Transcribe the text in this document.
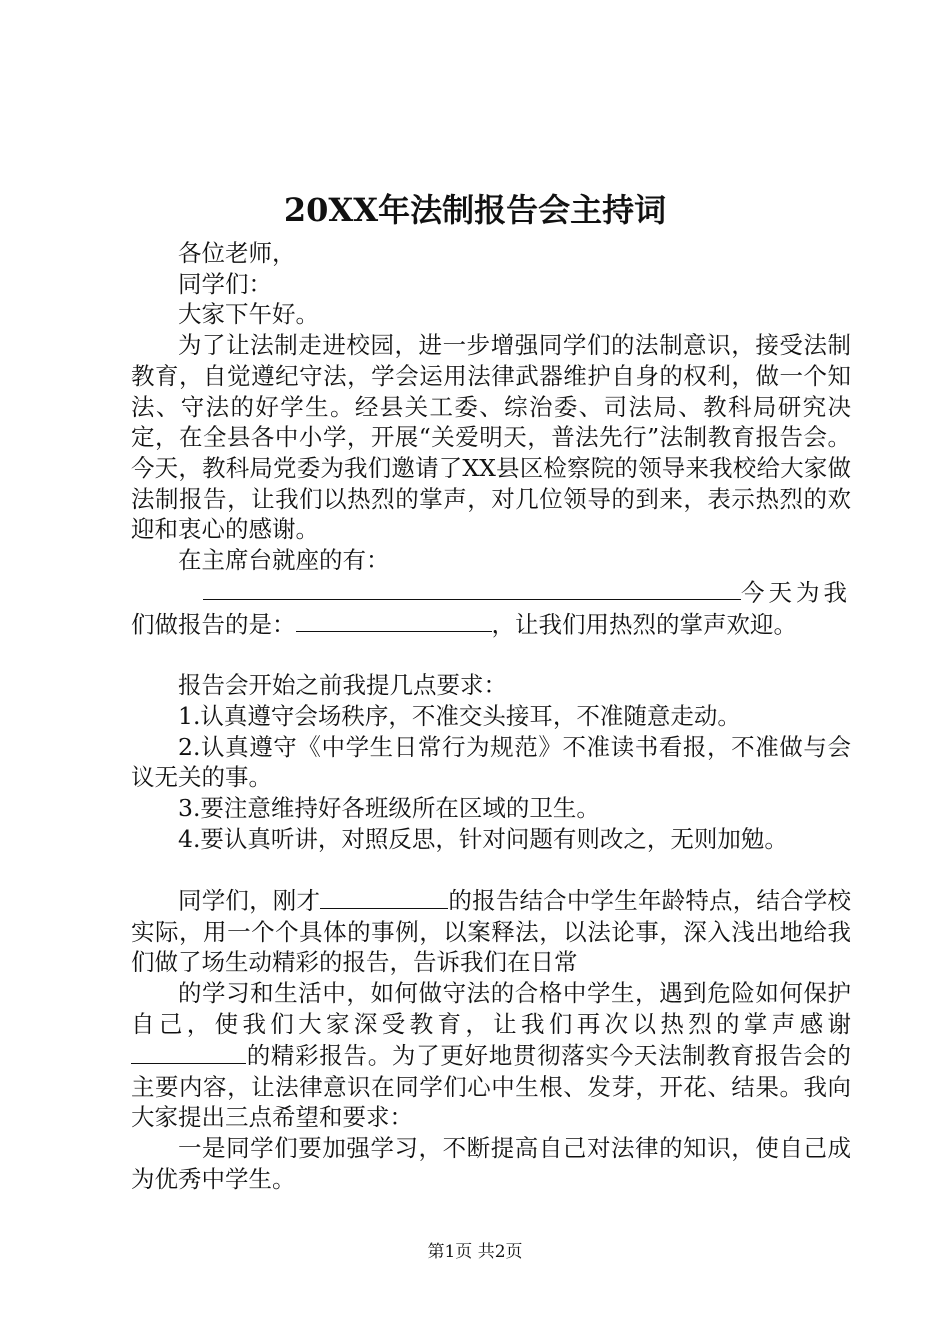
20XX年法制报告会主持词

各位老师，

同学们：

大家下午好。

为了让法制走进校园，进一步增强同学们的法制意识，接受法制教育，自觉遵纪守法，学会运用法律武器维护自身的权利，做一个知法、守法的好学生。经县关工委、综治委、司法局、教科局研究决定，在全县各中小学，开展“关爱明天，普法先行”法制教育报告会。今天，教科局党委为我们邀请了XX县区检察院的领导来我校给大家做法制报告，让我们以热烈的掌声，对几位领导的到来，表示热烈的欢迎和衷心的感谢。

在主席台就座的有：

今天为我

们做报告的是：	，让我们用热烈的掌声欢迎。

报告会开始之前我提几点要求：

1.认真遵守会场秩序，不准交头接耳，不准随意走动。

2.认真遵守《中学生日常行为规范》不准读书看报，不准做与会议无关的事。

3.要注意维持好各班级所在区域的卫生。

4.要认真听讲，对照反思，针对问题有则改之，无则加勉。

同学们，刚才	的报告结合中学生年龄特点，结合学校实际，用一个个具体的事例，以案释法，以法论事，深入浅出地给我们做了场生动精彩的报告，告诉我们在日常

的学习和生活中，如何做守法的合格中学生，遇到危险如何保护自己，使我们大家深受教育，让我们再次以热烈的掌声感谢的精彩报告。为了更好地贯彻落实今天法制教育报告会的主要内容，让法律意识在同学们心中生根、发芽，开花、结果。我向大家提出三点希望和要求：

一是同学们要加强学习，不断提高自己对法律的知识，使自己成为优秀中学生。

第1页 共2页
